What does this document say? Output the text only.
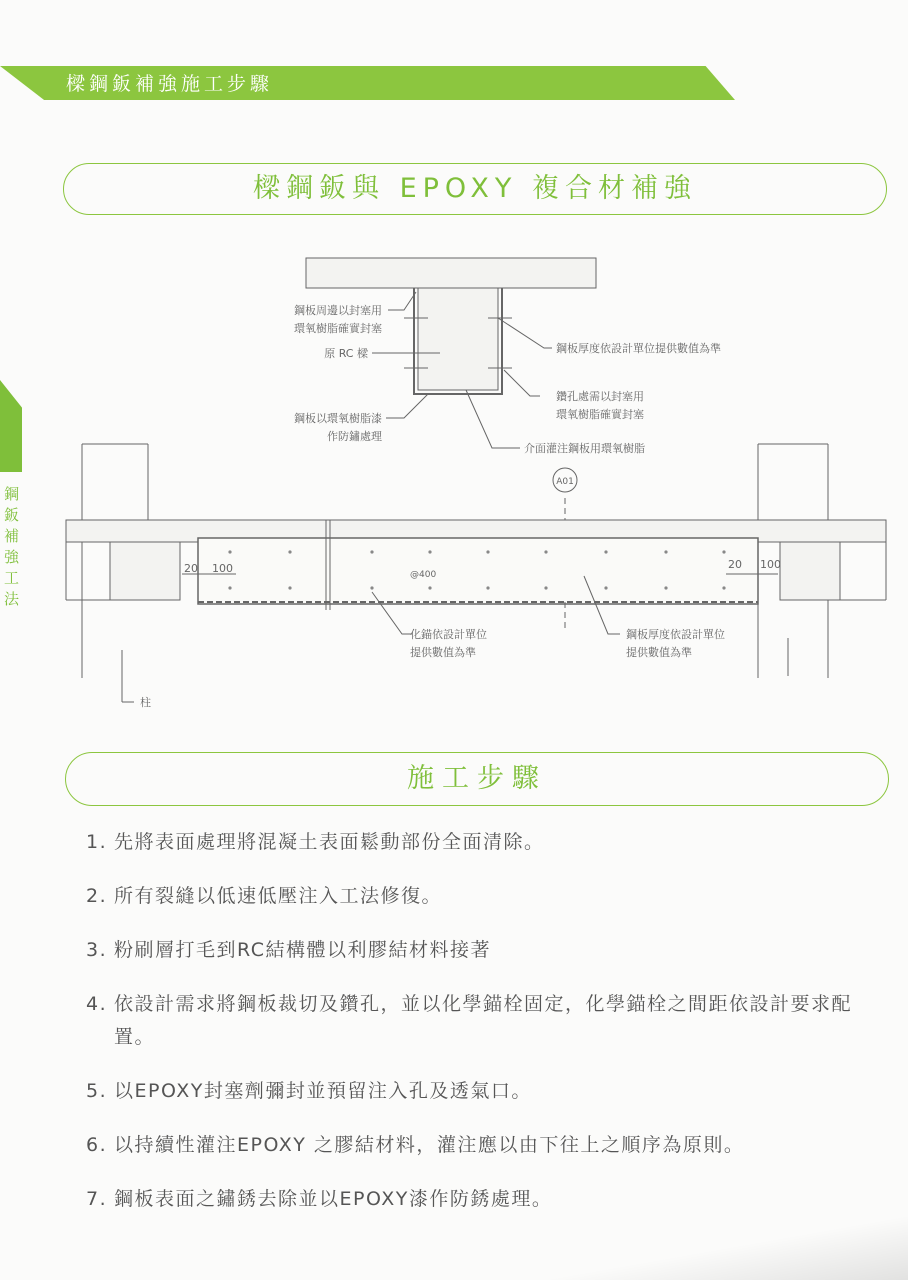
樑鋼鈑補強施工步驟
鋼鈑補強工法
樑鋼鈑與 EPOXY 複合材補強
鋼板周邊以封塞用
環氧樹脂確實封塞
原 RC 樑
鋼板以環氧樹脂漆
作防鏽處理
鋼板厚度依設計單位提供數值為準
鑽孔處需以封塞用
環氧樹脂確實封塞
介面灌注鋼板用環氧樹脂
A01
化錨依設計單位
提供數值為準
鋼板厚度依設計單位
提供數值為準
柱
20 100	@400
20 100
施工步驟
1. 先將表面處理將混凝土表面鬆動部份全面清除。
2. 所有裂縫以低速低壓注入工法修復。
3. 粉刷層打毛到RC結構體以利膠結材料接著
4. 依設計需求將鋼板裁切及鑽孔，並以化學錨栓固定，化學錨栓之間距依設計要求配置。
5. 以EPOXY封塞劑彌封並預留注入孔及透氣口。
6. 以持續性灌注EPOXY 之膠結材料，灌注應以由下往上之順序為原則。
7. 鋼板表面之鏽銹去除並以EPOXY漆作防銹處理。
